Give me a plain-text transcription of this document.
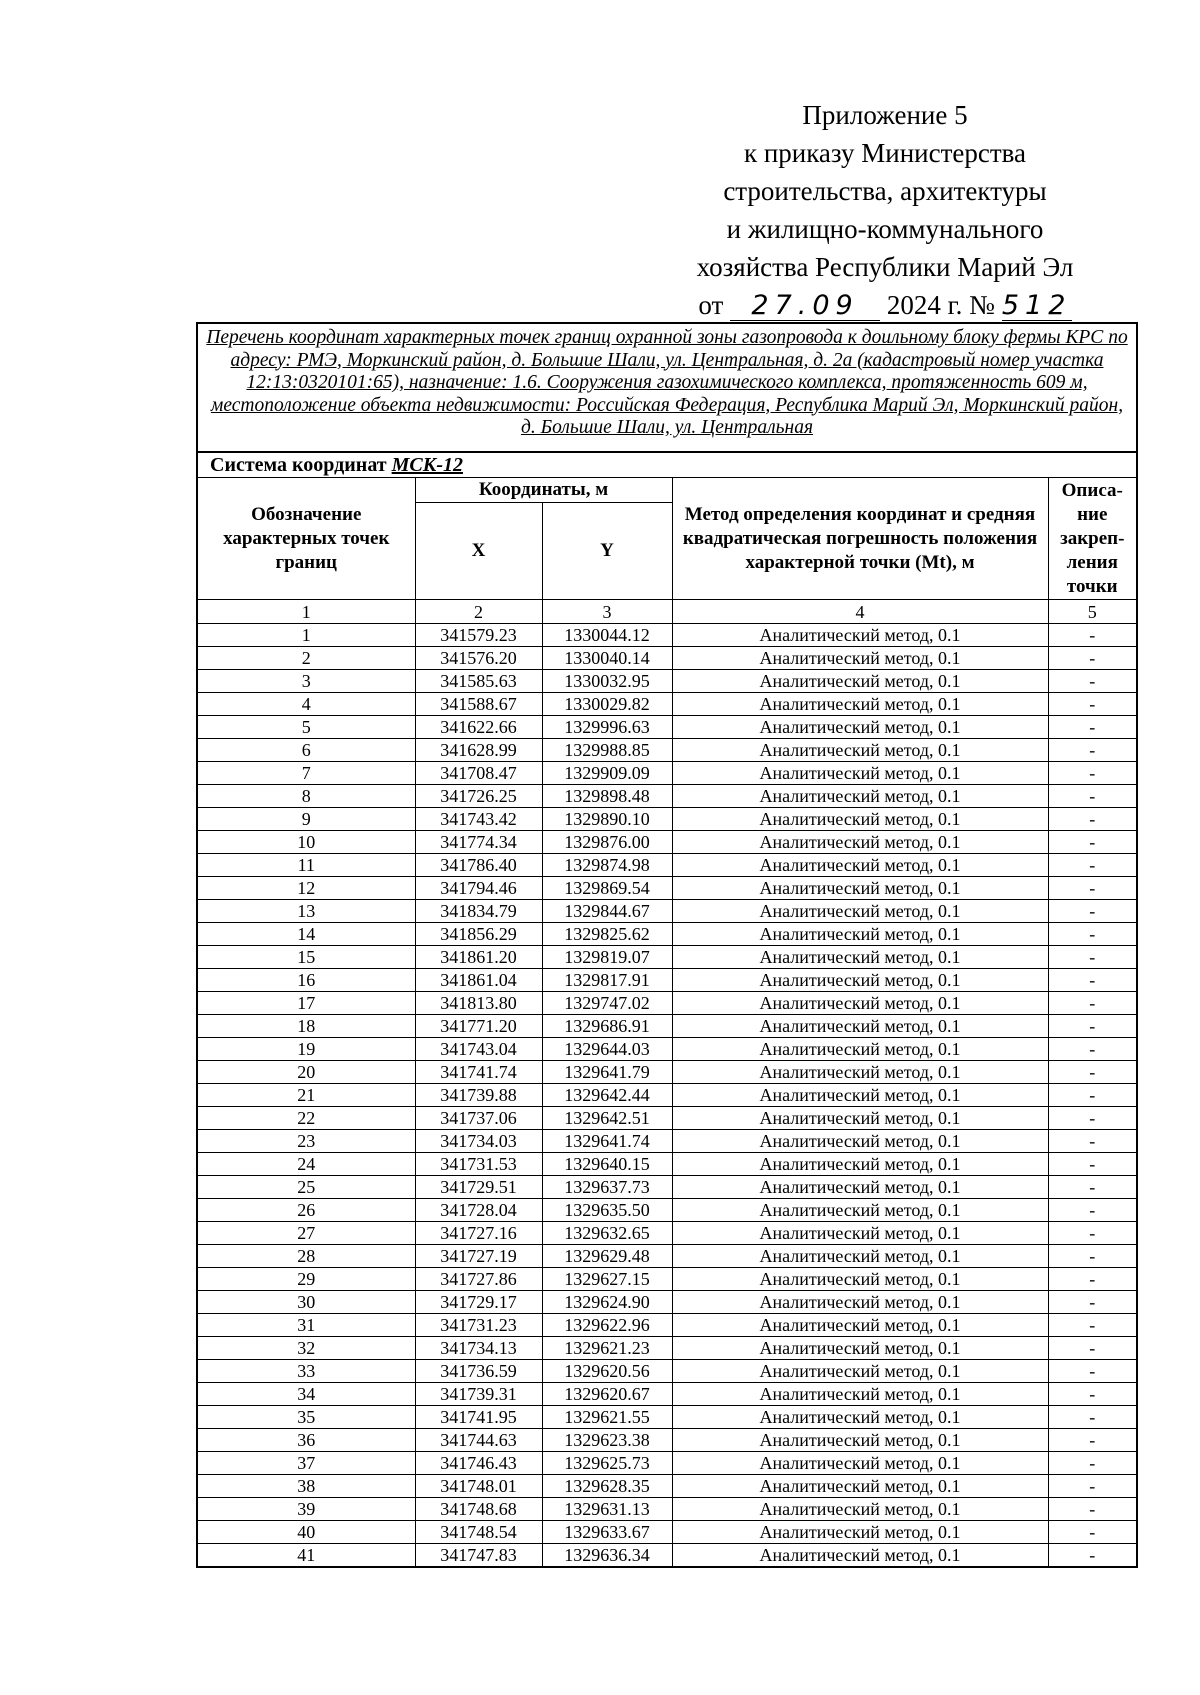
Приложение 5
к приказу Министерства
строительства, архитектуры
и жилищно-коммунального
хозяйства Республики Марий Эл
от 27.09 2024 г. № 512
Перечень координат характерных точек границ охранной зоны газопровода к доильному блоку фермы КРС по адресу: РМЭ, Моркинский район, д. Большие Шали, ул. Центральная, д. 2а (кадастровый номер участка 12:13:0320101:65), назначение: 1.6. Сооружения газохимического комплекса, протяженность 609 м, местоположение объекта недвижимости: Российская Федерация, Республика Марий Эл, Моркинский район, д. Большие Шали, ул. Центральная				
Система координат МСК-12				
Обозначение характерных точек границ	Координаты, м		Метод определения координат и средняя квадратическая погрешность положения характерной точки (Mt), м	Описа-ние закреп-ления точки
	X	Y		
1	2	3	4	5
1	341579.23	1330044.12	Аналитический метод, 0.1	-
2	341576.20	1330040.14	Аналитический метод, 0.1	-
3	341585.63	1330032.95	Аналитический метод, 0.1	-
4	341588.67	1330029.82	Аналитический метод, 0.1	-
5	341622.66	1329996.63	Аналитический метод, 0.1	-
6	341628.99	1329988.85	Аналитический метод, 0.1	-
7	341708.47	1329909.09	Аналитический метод, 0.1	-
8	341726.25	1329898.48	Аналитический метод, 0.1	-
9	341743.42	1329890.10	Аналитический метод, 0.1	-
10	341774.34	1329876.00	Аналитический метод, 0.1	-
11	341786.40	1329874.98	Аналитический метод, 0.1	-
12	341794.46	1329869.54	Аналитический метод, 0.1	-
13	341834.79	1329844.67	Аналитический метод, 0.1	-
14	341856.29	1329825.62	Аналитический метод, 0.1	-
15	341861.20	1329819.07	Аналитический метод, 0.1	-
16	341861.04	1329817.91	Аналитический метод, 0.1	-
17	341813.80	1329747.02	Аналитический метод, 0.1	-
18	341771.20	1329686.91	Аналитический метод, 0.1	-
19	341743.04	1329644.03	Аналитический метод, 0.1	-
20	341741.74	1329641.79	Аналитический метод, 0.1	-
21	341739.88	1329642.44	Аналитический метод, 0.1	-
22	341737.06	1329642.51	Аналитический метод, 0.1	-
23	341734.03	1329641.74	Аналитический метод, 0.1	-
24	341731.53	1329640.15	Аналитический метод, 0.1	-
25	341729.51	1329637.73	Аналитический метод, 0.1	-
26	341728.04	1329635.50	Аналитический метод, 0.1	-
27	341727.16	1329632.65	Аналитический метод, 0.1	-
28	341727.19	1329629.48	Аналитический метод, 0.1	-
29	341727.86	1329627.15	Аналитический метод, 0.1	-
30	341729.17	1329624.90	Аналитический метод, 0.1	-
31	341731.23	1329622.96	Аналитический метод, 0.1	-
32	341734.13	1329621.23	Аналитический метод, 0.1	-
33	341736.59	1329620.56	Аналитический метод, 0.1	-
34	341739.31	1329620.67	Аналитический метод, 0.1	-
35	341741.95	1329621.55	Аналитический метод, 0.1	-
36	341744.63	1329623.38	Аналитический метод, 0.1	-
37	341746.43	1329625.73	Аналитический метод, 0.1	-
38	341748.01	1329628.35	Аналитический метод, 0.1	-
39	341748.68	1329631.13	Аналитический метод, 0.1	-
40	341748.54	1329633.67	Аналитический метод, 0.1	-
41	341747.83	1329636.34	Аналитический метод, 0.1	-
